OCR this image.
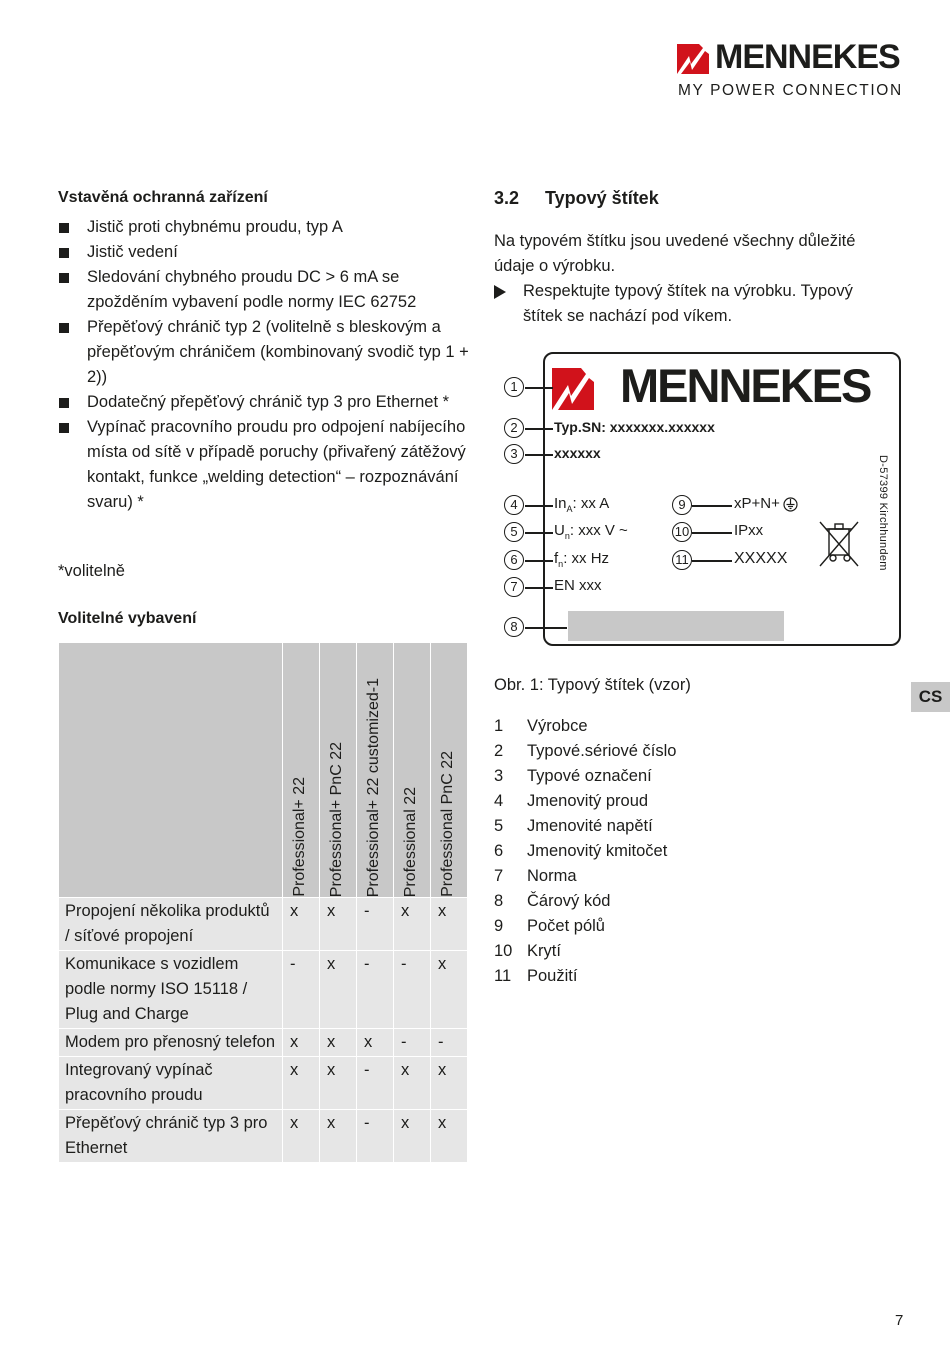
MENNEKES
MY POWER CONNECTION
Vstavěná ochranná zařízení
Jistič proti chybnému proudu, typ A
Jistič vedení
Sledování chybného proudu DC > 6 mA se zpožděním vybavení podle normy IEC 62752
Přepěťový chránič typ 2 (volitelně s bleskovým a přepěťovým chráničem (kombinovaný svodič typ 1 + 2))
Dodatečný přepěťový chránič typ 3 pro Ethernet *
Vypínač pracovního proudu pro odpojení nabíjecího místa od sítě v případě poruchy (přivařený zátěžový kontakt, funkce „welding detection“ – rozpoznávání svaru) *
*volitelně
Volitelné vybavení

	Professional+ 22	Professional+ PnC 22	Professional+ 22 customized-1	Professional 22	Professional PnC 22

Propojení několika produktů / síťové propojení	x	x	-	x	x
Komunikace s vozidlem podle normy ISO 15118 / Plug and Charge	-	x	-	-	x
Modem pro přenosný telefon	x	x	x	-	-
Integrovaný vypínač pracovního proudu	x	x	-	x	x
Přepěťový chránič typ 3 pro Ethernet	x	x	-	x	x
3.2 Typový štítek
Na typovém štítku jsou uvedené všechny důležité údaje o výrobku.
Respektujte typový štítek na výrobku. Typový štítek se nachází pod víkem.
MENNEKES
1
2
3
4
5
6
7
8
9
10
11
Typ.SN: xxxxxxx.xxxxxx
xxxxxx
$In_A$: xx A
$U_n$: xxx V ~
$f_n$: xx Hz
EN xxx
xP+N+
IPxx
XXXXX	D-57399 Kirchhundem
Obr. 1: Typový štítek (vzor)
1	Výrobce
2	Typové.sériové číslo
3	Typové označení
4	Jmenovitý proud
5	Jmenovité napětí
6	Jmenovitý kmitočet
7	Norma
8	Čárový kód
9	Počet pólů
10 Krytí
11 Použití
CS
7
